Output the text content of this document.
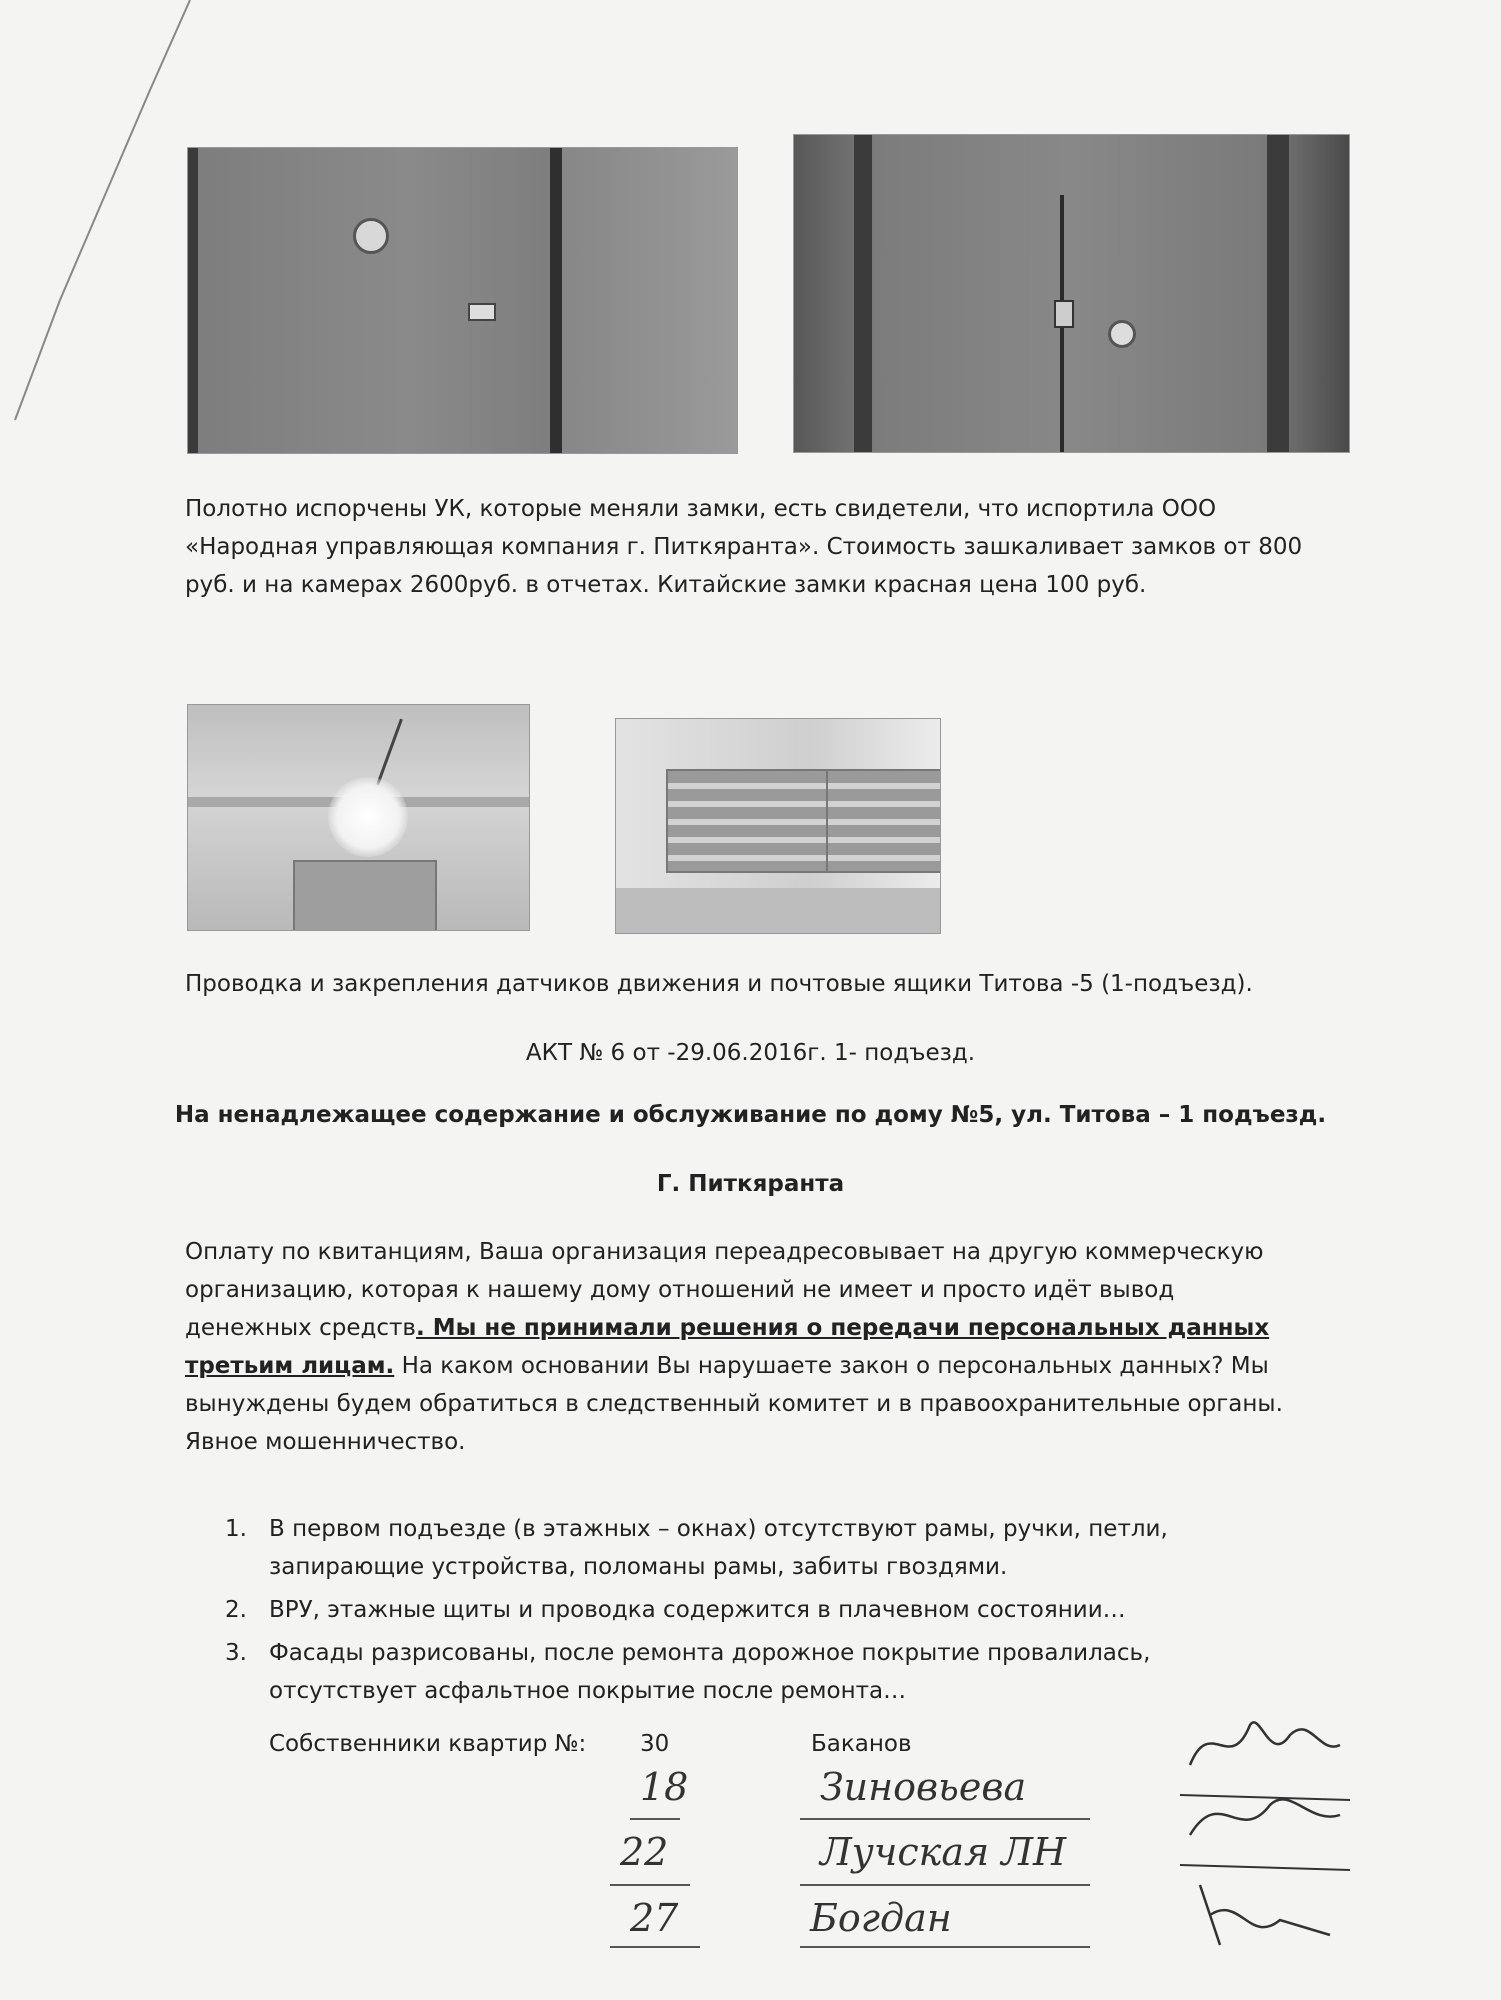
Полотно испорчены УК, которые меняли замки, есть свидетели, что испортила ООО
«Народная управляющая компания г. Питкяранта». Стоимость зашкаливает замков от 800
руб. и на камерах 2600руб. в отчетах. Китайские замки красная цена 100 руб.
Проводка и закрепления датчиков движения и почтовые ящики Титова -5 (1-подъезд).
АКТ № 6 от -29.06.2016г. 1- подъезд.
На ненадлежащее содержание и обслуживание по дому №5, ул. Титова – 1 подъезд.
Г. Питкяранта
Оплату по квитанциям, Ваша организация переадресовывает на другую коммерческую
организацию, которая к нашему дому отношений не имеет и просто идёт вывод
денежных средств. Мы не принимали решения о передачи персональных данных
третьим лицам. На каком основании Вы нарушаете закон о персональных данных? Мы
вынуждены будем обратиться в следственный комитет и в правоохранительные органы.
Явное мошенничество.
1. В первом подъезде (в этажных – окнах) отсутствуют рамы, ручки, петли,
запирающие устройства, поломаны рамы, забиты гвоздями.
2. ВРУ, этажные щиты и проводка содержится в плачевном состоянии…
3. Фасады разрисованы, после ремонта дорожное покрытие провалилась,
отсутствует асфальтное покрытие после ремонта…
Собственники квартир №: 30	Баканов
18	Зиновьева
22	Лучская ЛН
27	Богдан
